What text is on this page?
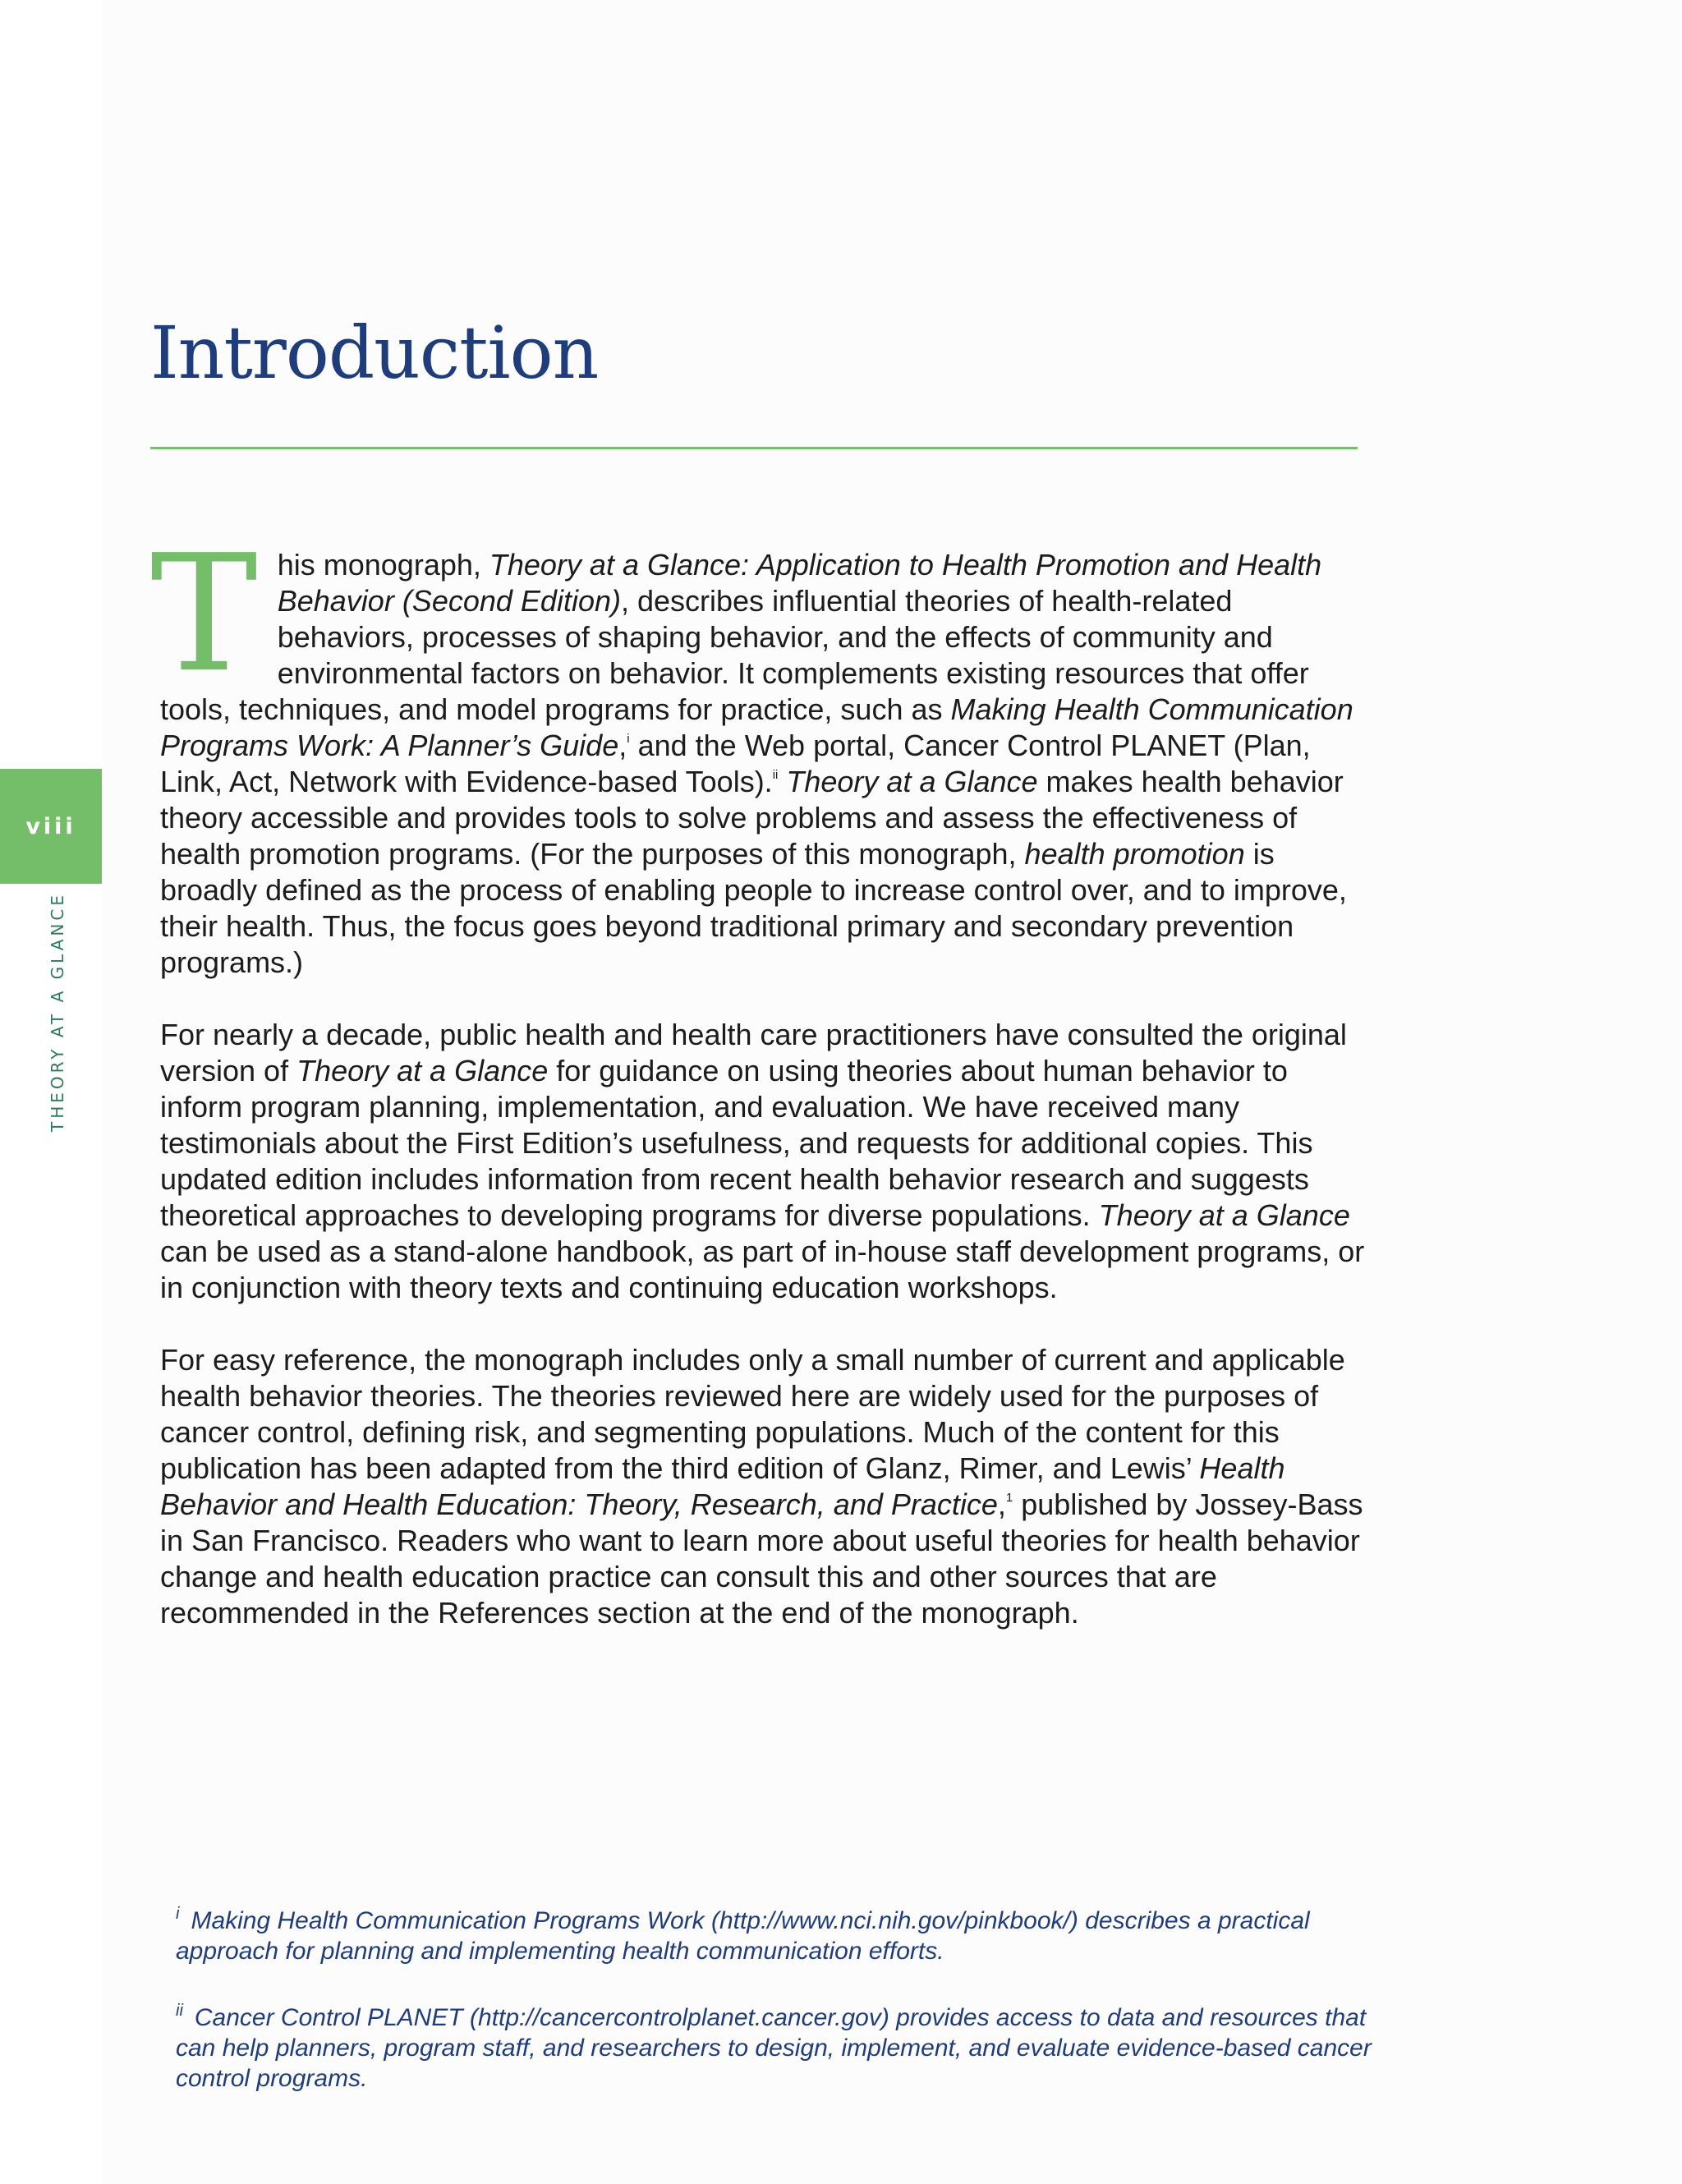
viii
THEORY AT A GLANCE
Introduction

This monograph, Theory at a Glance: Application to Health Promotion and Health Behavior (Second Edition), describes influential theories of health-related behaviors, processes of shaping behavior, and the effects of community and environmental factors on behavior. It complements existing resources that offer tools, techniques, and model programs for practice, such as Making Health Communication Programs Work: A Planner’s Guide,$^i$ and the Web portal, Cancer Control PLANET (Plan, Link, Act, Network with Evidence-based Tools).$^{ii}$ Theory at a Glance makes health behavior theory accessible and provides tools to solve problems and assess the effectiveness of health promotion programs. (For the purposes of this monograph, health promotion is broadly defined as the process of enabling people to increase control over, and to improve, their health. Thus, the focus goes beyond traditional primary and secondary prevention programs.)

For nearly a decade, public health and health care practitioners have consulted the original version of Theory at a Glance for guidance on using theories about human behavior to inform program planning, implementation, and evaluation. We have received many testimonials about the First Edition’s usefulness, and requests for additional copies. This updated edition includes information from recent health behavior research and suggests theoretical approaches to developing programs for diverse populations. Theory at a Glance can be used as a stand-alone handbook, as part of in-house staff development programs, or in conjunction with theory texts and continuing education workshops.

For easy reference, the monograph includes only a small number of current and applicable health behavior theories. The theories reviewed here are widely used for the purposes of cancer control, defining risk, and segmenting populations. Much of the content for this publication has been adapted from the third edition of Glanz, Rimer, and Lewis’ Health Behavior and Health Education: Theory, Research, and Practice,$^1$ published by Jossey-Bass in San Francisco. Readers who want to learn more about useful theories for health behavior change and health education practice can consult this and other sources that are recommended in the References section at the end of the monograph.

$^i$ Making Health Communication Programs Work (http://www.nci.nih.gov/pinkbook/) describes a practical approach for planning and implementing health communication efforts.

$^{ii}$ Cancer Control PLANET (http://cancercontrolplanet.cancer.gov) provides access to data and resources that can help planners, program staff, and researchers to design, implement, and evaluate evidence-based cancer control programs.
